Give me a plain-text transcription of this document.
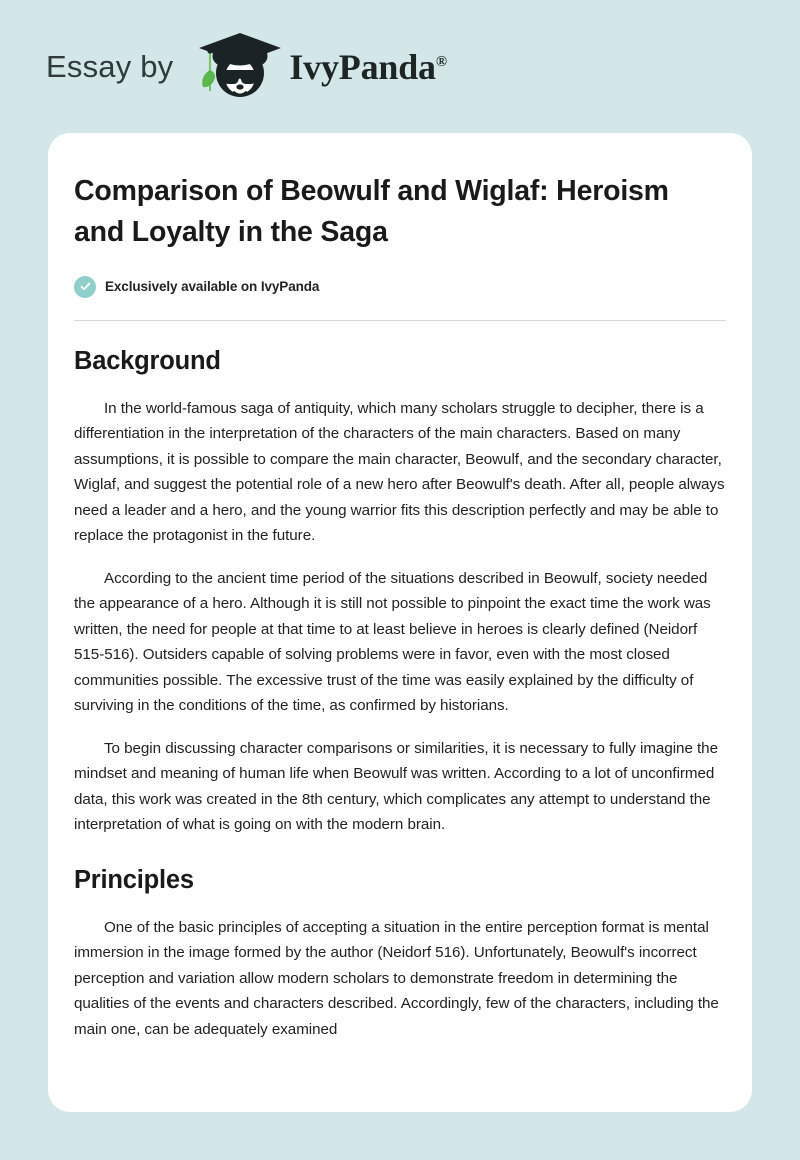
Essay by	IvyPanda®
Comparison of Beowulf and Wiglaf: Heroism and Loyalty in the Saga
Exclusively available on IvyPanda
Background

In the world-famous saga of antiquity, which many scholars struggle to decipher, there is a differentiation in the interpretation of the characters of the main characters. Based on many assumptions, it is possible to compare the main character, Beowulf, and the secondary character, Wiglaf, and suggest the potential role of a new hero after Beowulf's death. After all, people always need a leader and a hero, and the young warrior fits this description perfectly and may be able to replace the protagonist in the future.

According to the ancient time period of the situations described in Beowulf, society needed the appearance of a hero. Although it is still not possible to pinpoint the exact time the work was written, the need for people at that time to at least believe in heroes is clearly defined (Neidorf 515-516). Outsiders capable of solving problems were in favor, even with the most closed communities possible. The excessive trust of the time was easily explained by the difficulty of surviving in the conditions of the time, as confirmed by historians.

To begin discussing character comparisons or similarities, it is necessary to fully imagine the mindset and meaning of human life when Beowulf was written. According to a lot of unconfirmed data, this work was created in the 8th century, which complicates any attempt to understand the interpretation of what is going on with the modern brain.

Principles

One of the basic principles of accepting a situation in the entire perception format is mental immersion in the image formed by the author (Neidorf 516). Unfortunately, Beowulf's incorrect perception and variation allow modern scholars to demonstrate freedom in determining the qualities of the events and characters described. Accordingly, few of the characters, including the main one, can be adequately examined
